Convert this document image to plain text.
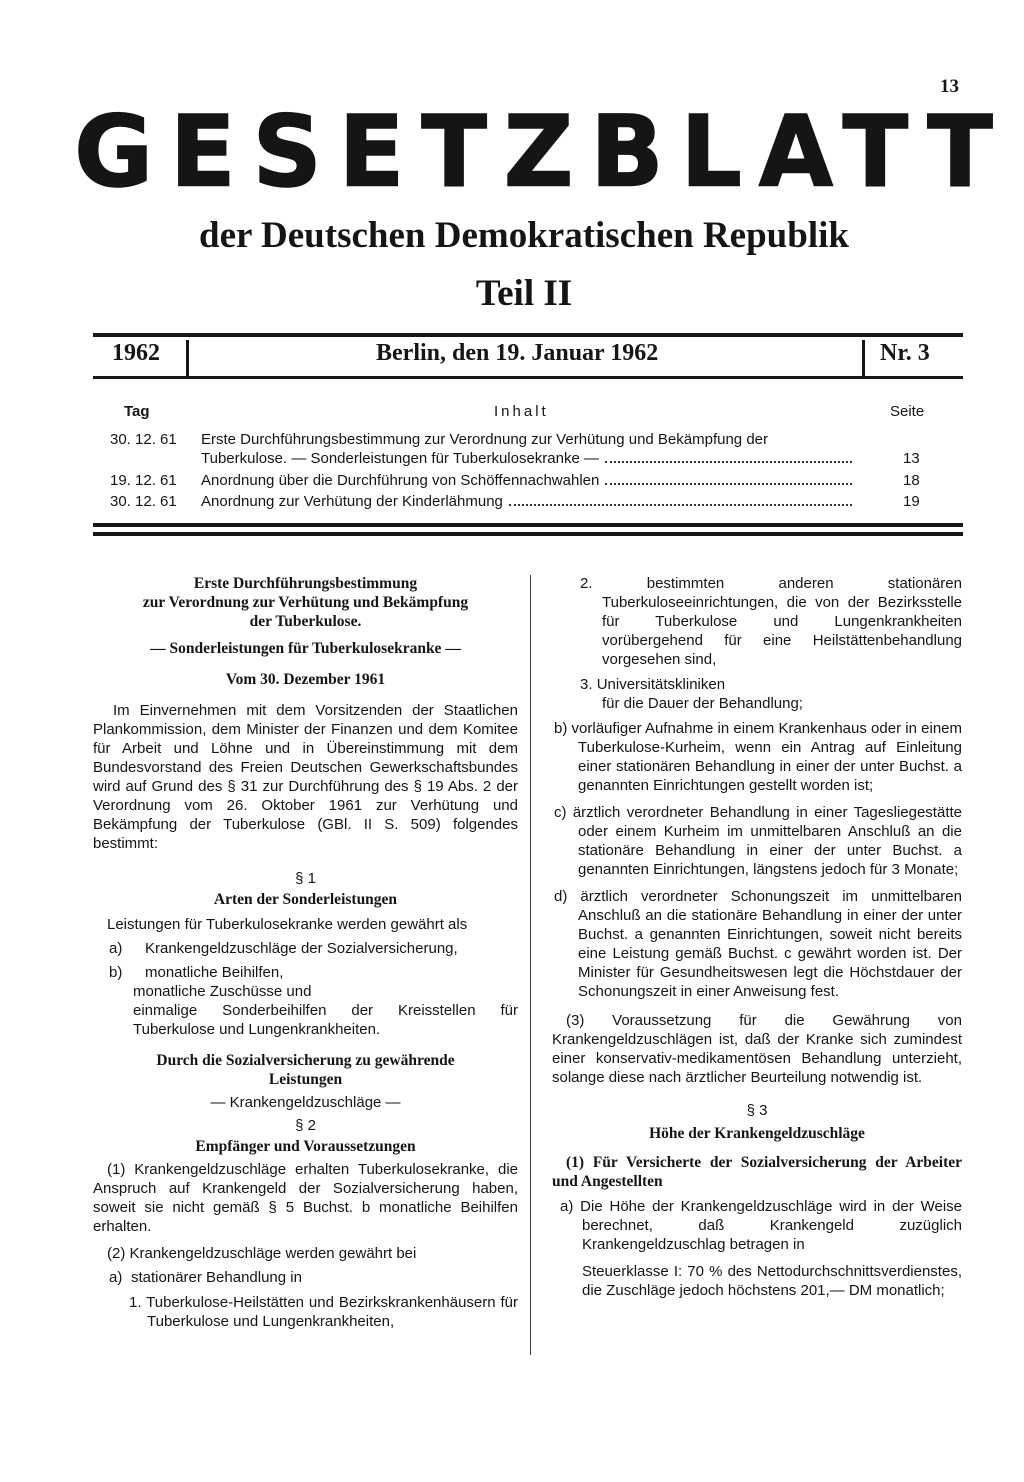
13
GESETZBLATT
der Deutschen Demokratischen Republik
Teil II
1962	Berlin, den 19. Januar 1962	Nr. 3
Tag	Inhalt	Seite
30. 12. 61 Erste Durchführungsbestimmung zur Verordnung zur Verhütung und Bekämpfung der
Tuberkulose. — Sonderleistungen für Tuberkulosekranke —	13
19. 12. 61 Anordnung über die Durchführung von Schöffennachwahlen	18
30. 12. 61 Anordnung zur Verhütung der Kinderlähmung	19

Erste Durchführungsbestimmung

zur Verordnung zur Verhütung und Bekämpfung

der Tuberkulose.

— Sonderleistungen für Tuberkulosekranke —

Vom 30. Dezember 1961

Im Einvernehmen mit dem Vorsitzenden der Staatlichen Plankommission, dem Minister der Finanzen und dem Komitee für Arbeit und Löhne und in Übereinstimmung mit dem Bundesvorstand des Freien Deutschen Gewerkschaftsbundes wird auf Grund des § 31 zur Durchführung des § 19 Abs. 2 der Verordnung vom 26. Oktober 1961 zur Verhütung und Bekämpfung der Tuberkulose (GBl. II S. 509) folgendes bestimmt:

§ 1

Arten der Sonderleistungen

Leistungen für Tuberkulosekranke werden gewährt als

a) Krankengeldzuschläge der Sozialversicherung,

b) monatliche Beihilfen,

monatliche Zuschüsse und

einmalige Sonderbeihilfen der Kreisstellen für Tuberkulose und Lungenkrankheiten.

Durch die Sozialversicherung zu gewährende

Leistungen

— Krankengeldzuschläge —

§ 2

Empfänger und Voraussetzungen

(1) Krankengeldzuschläge erhalten Tuberkulosekranke, die Anspruch auf Krankengeld der Sozialversicherung haben, soweit sie nicht gemäß § 5 Buchst. b monatliche Beihilfen erhalten.

(2) Krankengeldzuschläge werden gewährt bei

a) stationärer Behandlung in

1. Tuberkulose-Heilstätten und Bezirkskrankenhäusern für Tuberkulose und Lungenkrankheiten,

2. bestimmten anderen stationären Tuberkuloseeinrichtungen, die von der Bezirksstelle für Tuberkulose und Lungenkrankheiten vorübergehend für eine Heilstättenbehandlung vorgesehen sind,

3. Universitätskliniken

für die Dauer der Behandlung;

b) vorläufiger Aufnahme in einem Krankenhaus oder in einem Tuberkulose-Kurheim, wenn ein Antrag auf Einleitung einer stationären Behandlung in einer der unter Buchst. a genannten Einrichtungen gestellt worden ist;

c) ärztlich verordneter Behandlung in einer Tagesliegestätte oder einem Kurheim im unmittelbaren Anschluß an die stationäre Behandlung in einer der unter Buchst. a genannten Einrichtungen, längstens jedoch für 3 Monate;

d) ärztlich verordneter Schonungszeit im unmittelbaren Anschluß an die stationäre Behandlung in einer der unter Buchst. a genannten Einrichtungen, soweit nicht bereits eine Leistung gemäß Buchst. c gewährt worden ist. Der Minister für Gesundheitswesen legt die Höchstdauer der Schonungszeit in einer Anweisung fest.

(3) Voraussetzung für die Gewährung von Krankengeldzuschlägen ist, daß der Kranke sich zumindest einer konservativ-medikamentösen Behandlung unterzieht, solange diese nach ärztlicher Beurteilung notwendig ist.

§ 3

Höhe der Krankengeldzuschläge

(1) Für Versicherte der Sozialversicherung der Arbeiter und Angestellten

a) Die Höhe der Krankengeldzuschläge wird in der Weise berechnet, daß Krankengeld zuzüglich Krankengeldzuschlag betragen in

Steuerklasse I: 70 % des Nettodurchschnittsverdienstes, die Zuschläge jedoch höchstens 201,— DM monatlich;
